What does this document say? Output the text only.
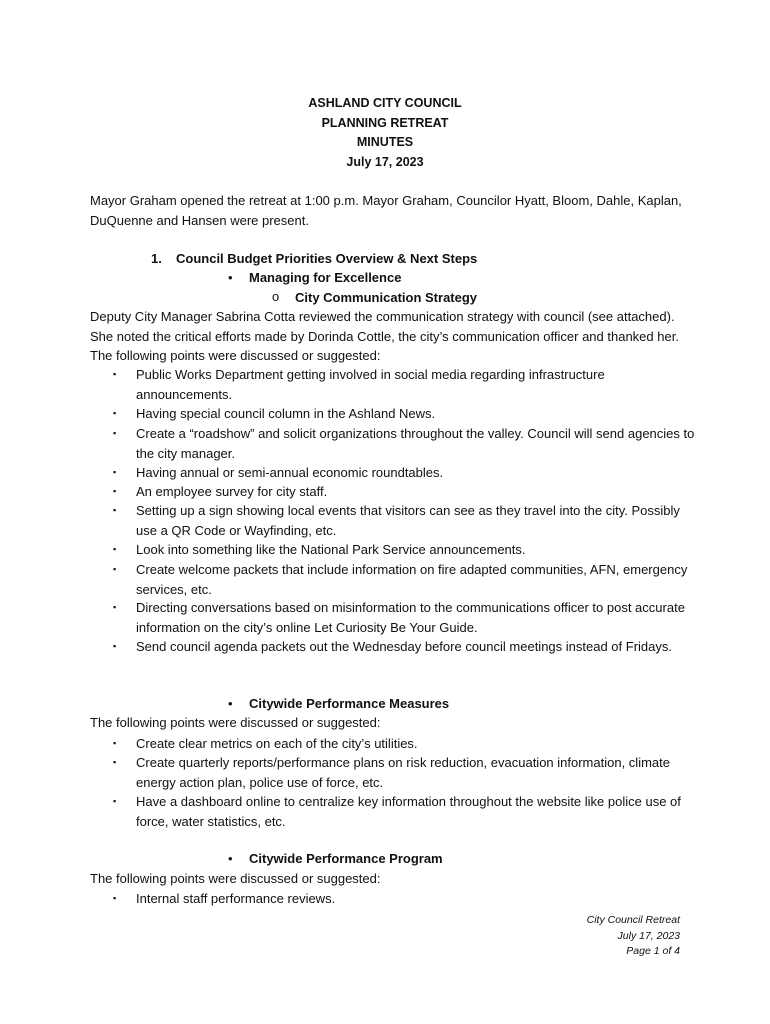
ASHLAND CITY COUNCIL
PLANNING RETREAT
MINUTES
July 17, 2023
Mayor Graham opened the retreat at 1:00 p.m. Mayor Graham, Councilor Hyatt, Bloom, Dahle, Kaplan, DuQuenne and Hansen were present.
1. Council Budget Priorities Overview & Next Steps
• Managing for Excellence
o City Communication Strategy
Deputy City Manager Sabrina Cotta reviewed the communication strategy with council (see attached). She noted the critical efforts made by Dorinda Cottle, the city’s communication officer and thanked her. The following points were discussed or suggested:
▪ Public Works Department getting involved in social media regarding infrastructure announcements.
▪ Having special council column in the Ashland News.
▪ Create a “roadshow” and solicit organizations throughout the valley. Council will send agencies to the city manager.
▪ Having annual or semi-annual economic roundtables.
▪ An employee survey for city staff.
▪ Setting up a sign showing local events that visitors can see as they travel into the city. Possibly use a QR Code or Wayfinding, etc.
▪ Look into something like the National Park Service announcements.
▪ Create welcome packets that include information on fire adapted communities, AFN, emergency services, etc.
▪ Directing conversations based on misinformation to the communications officer to post accurate information on the city’s online Let Curiosity Be Your Guide.
▪ Send council agenda packets out the Wednesday before council meetings instead of Fridays.
• Citywide Performance Measures
The following points were discussed or suggested:
▪ Create clear metrics on each of the city’s utilities.
▪ Create quarterly reports/performance plans on risk reduction, evacuation information, climate energy action plan, police use of force, etc.
▪ Have a dashboard online to centralize key information throughout the website like police use of force, water statistics, etc.
• Citywide Performance Program
The following points were discussed or suggested:
▪ Internal staff performance reviews.
City Council Retreat
July 17, 2023
Page 1 of 4
